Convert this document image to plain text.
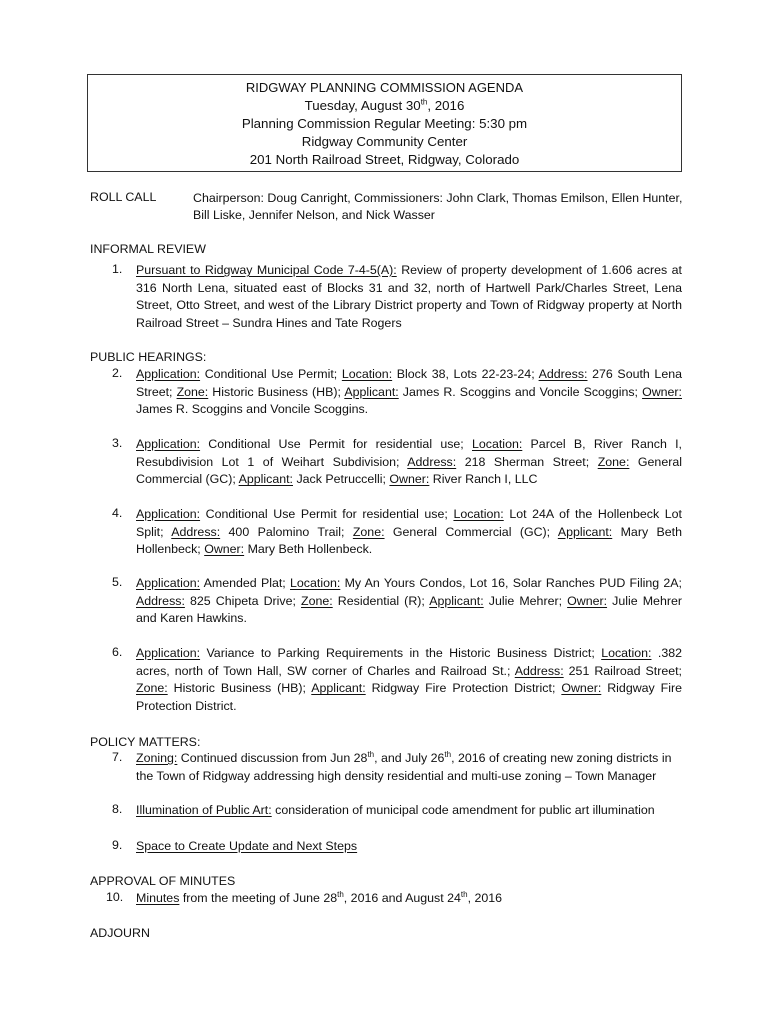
RIDGWAY PLANNING COMMISSION AGENDA
Tuesday, August 30th, 2016
Planning Commission Regular Meeting: 5:30 pm
Ridgway Community Center
201 North Railroad Street, Ridgway, Colorado
ROLL CALL	Chairperson: Doug Canright, Commissioners: John Clark, Thomas Emilson, Ellen Hunter, Bill Liske, Jennifer Nelson, and Nick Wasser
INFORMAL REVIEW
1.	Pursuant to Ridgway Municipal Code 7-4-5(A): Review of property development of 1.606 acres at 316 North Lena, situated east of Blocks 31 and 32, north of Hartwell Park/Charles Street, Lena Street, Otto Street, and west of the Library District property and Town of Ridgway property at North Railroad Street – Sundra Hines and Tate Rogers
PUBLIC HEARINGS:
2.	Application: Conditional Use Permit; Location: Block 38, Lots 22-23-24; Address: 276 South Lena Street; Zone: Historic Business (HB); Applicant: James R. Scoggins and Voncile Scoggins; Owner: James R. Scoggins and Voncile Scoggins.
3.	Application: Conditional Use Permit for residential use; Location: Parcel B, River Ranch I, Resubdivision Lot 1 of Weihart Subdivision; Address: 218 Sherman Street; Zone: General Commercial (GC); Applicant: Jack Petruccelli; Owner: River Ranch I, LLC
4.	Application: Conditional Use Permit for residential use; Location: Lot 24A of the Hollenbeck Lot Split; Address: 400 Palomino Trail; Zone: General Commercial (GC); Applicant: Mary Beth Hollenbeck; Owner: Mary Beth Hollenbeck.
5.	Application: Amended Plat; Location: My An Yours Condos, Lot 16, Solar Ranches PUD Filing 2A; Address: 825 Chipeta Drive; Zone: Residential (R); Applicant: Julie Mehrer; Owner: Julie Mehrer and Karen Hawkins.
6.	Application: Variance to Parking Requirements in the Historic Business District; Location: .382 acres, north of Town Hall, SW corner of Charles and Railroad St.; Address: 251 Railroad Street; Zone: Historic Business (HB); Applicant: Ridgway Fire Protection District; Owner: Ridgway Fire Protection District.
POLICY MATTERS:
7.	Zoning: Continued discussion from Jun 28th, and July 26th, 2016 of creating new zoning districts in the Town of Ridgway addressing high density residential and multi-use zoning – Town Manager
8.	Illumination of Public Art: consideration of municipal code amendment for public art illumination
9.	Space to Create Update and Next Steps
APPROVAL OF MINUTES
10.	Minutes from the meeting of June 28th, 2016 and August 24th, 2016
ADJOURN
